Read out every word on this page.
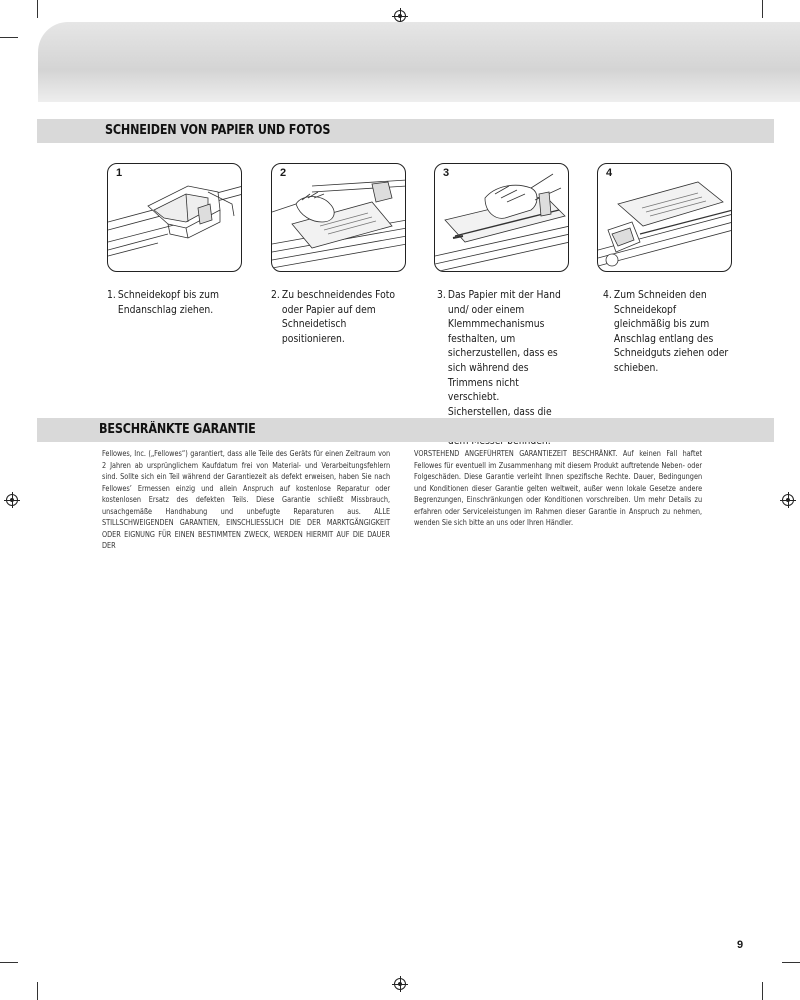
SCHNEIDEN VON PAPIER UND FOTOS
1	2	3	4
1. Schneidekopf bis zum Endanschlag ziehen.
2. Zu beschneidendes Foto oder Papier auf dem Schneidetisch positionieren.
3. Das Papier mit der Hand und/ oder einem Klemmmechanismus festhalten, um sicherzustellen, dass es sich während des Trimmens nicht verschiebt. Sicherstellen, dass die
4. Zum Schneiden den Schneidekopf gleichmäßig bis zum Anschlag entlang des Schneidguts ziehen oder schieben.
BESCHRÄNKTE GARANTIE
Fellowes, Inc. („Fellowes“) garantiert, dass alle Teile des Geräts für einen Zeitraum von 2 Jahren ab ursprünglichem Kaufdatum frei von Material- und Verarbeitungsfehlern sind. Sollte sich ein Teil während der Garantiezeit als defekt erweisen, haben Sie nach Fellowes’ Ermessen einzig und allein Anspruch auf kostenlose Reparatur oder kostenlosen Ersatz des defekten Teils. Diese Garantie schließt Missbrauch, unsachgemäße Handhabung und unbefugte Reparaturen aus. ALLE STILLSCHWEIGENDEN GARANTIEN, EINSCHLIESSLICH DIE DER MARKTGÄNGIGKEIT ODER EIGNUNG FÜR EINEN BESTIMMTEN ZWECK, WERDEN HIERMIT AUF DIE DAUER DER
VORSTEHEND ANGEFÜHRTEN GARANTIEZEIT BESCHRÄNKT. Auf keinen Fall haftet Fellowes für eventuell im Zusammenhang mit diesem Produkt auftretende Neben- oder Folgeschäden. Diese Garantie verleiht Ihnen spezifische Rechte. Dauer, Bedingungen und Konditionen dieser Garantie gelten weltweit, außer wenn lokale Gesetze andere Begrenzungen, Einschränkungen oder Konditionen vorschreiben. Um mehr Details zu erfahren oder Serviceleistungen im Rahmen dieser Garantie in Anspruch zu nehmen, wenden Sie sich bitte an uns oder Ihren Händler.
9
